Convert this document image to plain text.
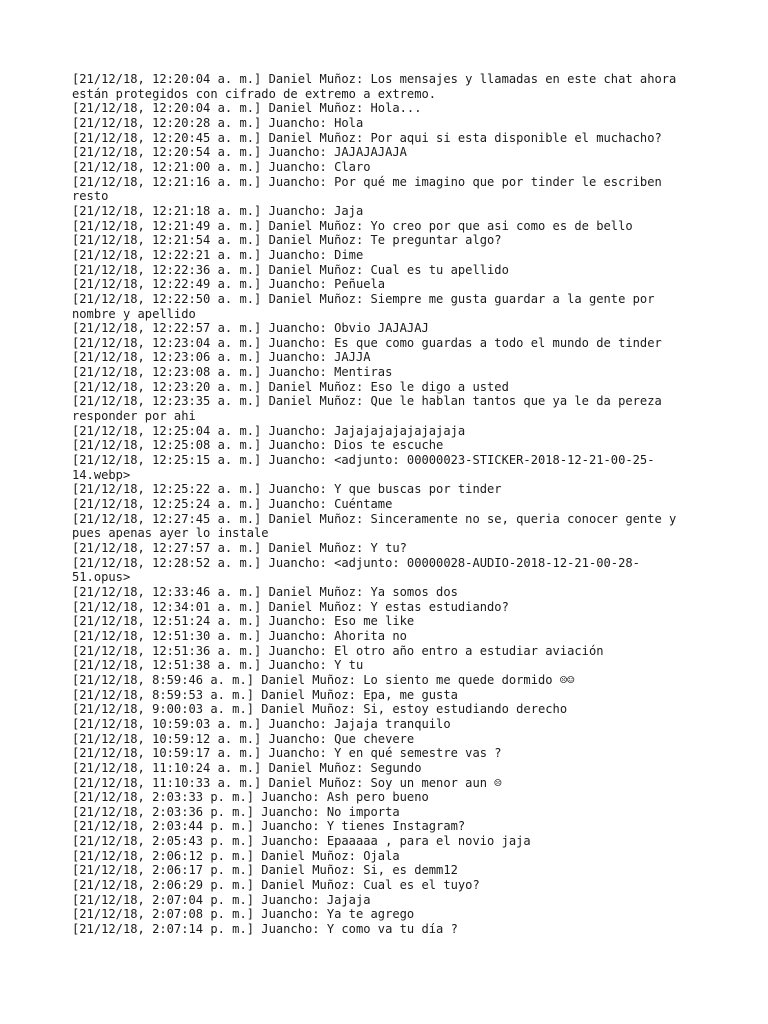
[21/12/18, 12:20:04 a. m.] Daniel Muñoz: Los mensajes y llamadas en este chat ahora
están protegidos con cifrado de extremo a extremo.

[21/12/18, 12:20:04 a. m.] Daniel Muñoz: Hola...

[21/12/18, 12:20:28 a. m.] Juancho: Hola

[21/12/18, 12:20:45 a. m.] Daniel Muñoz: Por aqui si esta disponible el muchacho?

[21/12/18, 12:20:54 a. m.] Juancho: JAJAJAJAJA

[21/12/18, 12:21:00 a. m.] Juancho: Claro

[21/12/18, 12:21:16 a. m.] Juancho: Por qué me imagino que por tinder le escriben
resto

[21/12/18, 12:21:18 a. m.] Juancho: Jaja

[21/12/18, 12:21:49 a. m.] Daniel Muñoz: Yo creo por que asi como es de bello

[21/12/18, 12:21:54 a. m.] Daniel Muñoz: Te preguntar algo?

[21/12/18, 12:22:21 a. m.] Juancho: Dime

[21/12/18, 12:22:36 a. m.] Daniel Muñoz: Cual es tu apellido

[21/12/18, 12:22:49 a. m.] Juancho: Peñuela

[21/12/18, 12:22:50 a. m.] Daniel Muñoz: Siempre me gusta guardar a la gente por
nombre y apellido

[21/12/18, 12:22:57 a. m.] Juancho: Obvio JAJAJAJ

[21/12/18, 12:23:04 a. m.] Juancho: Es que como guardas a todo el mundo de tinder

[21/12/18, 12:23:06 a. m.] Juancho: JAJJA

[21/12/18, 12:23:08 a. m.] Juancho: Mentiras

[21/12/18, 12:23:20 a. m.] Daniel Muñoz: Eso le digo a usted

[21/12/18, 12:23:35 a. m.] Daniel Muñoz: Que le hablan tantos que ya le da pereza
responder por ahi

[21/12/18, 12:25:04 a. m.] Juancho: Jajajajajajajajaja

[21/12/18, 12:25:08 a. m.] Juancho: Dios te escuche

[21/12/18, 12:25:15 a. m.] Juancho: <adjunto: 00000023-STICKER-2018-12-21-00-25-
14.webp>

[21/12/18, 12:25:22 a. m.] Juancho: Y que buscas por tinder

[21/12/18, 12:25:24 a. m.] Juancho: Cuéntame

[21/12/18, 12:27:45 a. m.] Daniel Muñoz: Sinceramente no se, queria conocer gente y
pues apenas ayer lo instale

[21/12/18, 12:27:57 a. m.] Daniel Muñoz: Y tu?

[21/12/18, 12:28:52 a. m.] Juancho: <adjunto: 00000028-AUDIO-2018-12-21-00-28-
51.opus>

[21/12/18, 12:33:46 a. m.] Daniel Muñoz: Ya somos dos

[21/12/18, 12:34:01 a. m.] Daniel Muñoz: Y estas estudiando?

[21/12/18, 12:51:24 a. m.] Juancho: Eso me like

[21/12/18, 12:51:30 a. m.] Juancho: Ahorita no

[21/12/18, 12:51:36 a. m.] Juancho: El otro año entro a estudiar aviación

[21/12/18, 12:51:38 a. m.] Juancho: Y tu

[21/12/18, 8:59:46 a. m.] Daniel Muñoz: Lo siento me quede dormido ☹☺

[21/12/18, 8:59:53 a. m.] Daniel Muñoz: Epa, me gusta

[21/12/18, 9:00:03 a. m.] Daniel Muñoz: Si, estoy estudiando derecho

[21/12/18, 10:59:03 a. m.] Juancho: Jajaja tranquilo

[21/12/18, 10:59:12 a. m.] Juancho: Que chevere

[21/12/18, 10:59:17 a. m.] Juancho: Y en qué semestre vas ?

[21/12/18, 11:10:24 a. m.] Daniel Muñoz: Segundo

[21/12/18, 11:10:33 a. m.] Daniel Muñoz: Soy un menor aun ☹

[21/12/18, 2:03:33 p. m.] Juancho: Ash pero bueno

[21/12/18, 2:03:36 p. m.] Juancho: No importa

[21/12/18, 2:03:44 p. m.] Juancho: Y tienes Instagram?

[21/12/18, 2:05:43 p. m.] Juancho: Epaaaaa , para el novio jaja

[21/12/18, 2:06:12 p. m.] Daniel Muñoz: Ojala

[21/12/18, 2:06:17 p. m.] Daniel Muñoz: Si, es demm12

[21/12/18, 2:06:29 p. m.] Daniel Muñoz: Cual es el tuyo?

[21/12/18, 2:07:04 p. m.] Juancho: Jajaja

[21/12/18, 2:07:08 p. m.] Juancho: Ya te agrego

[21/12/18, 2:07:14 p. m.] Juancho: Y como va tu día ?
